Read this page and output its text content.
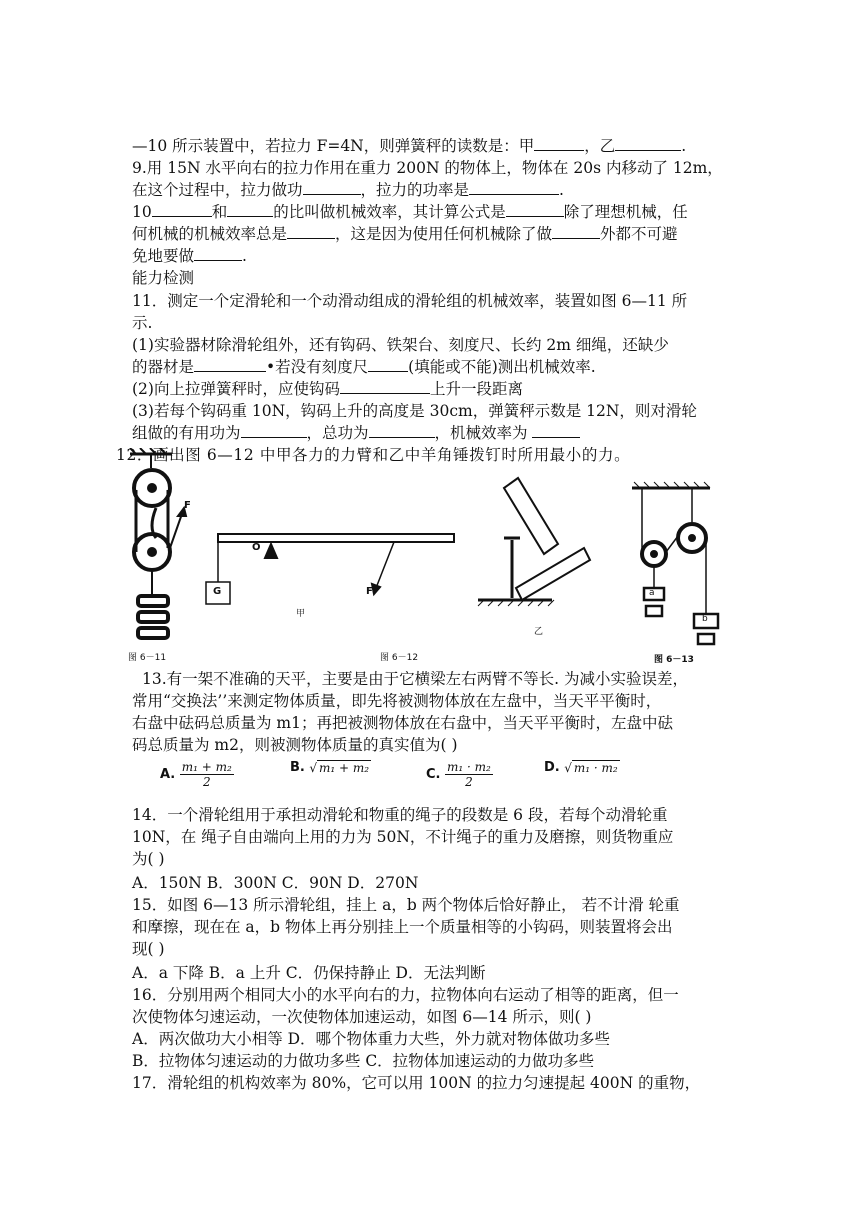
—10 所示装置中，若拉力 F=4N，则弹簧秤的读数是：甲	，乙	.
9.用 15N 水平向右的拉力作用在重力 200N 的物体上，物体在 20s 内移动了 12m，
在这个过程中，拉力做功	，拉力的功率是	.
10	和	的比叫做机械效率，其计算公式是	除了理想机械，任
何机械的机械效率总是	，这是因为使用任何机械除了做	外都不可避
免地要做	.
能力检测
11．测定一个定滑轮和一个动滑动组成的滑轮组的机械效率，装置如图 6—11 所
示.
(1)实验器材除滑轮组外，还有钩码、铁架台、刻度尺、长约 2m 细绳，还缺少
的器材是	•若没有刻度尺	(填能或不能)测出机械效率.
(2)向上拉弹簧秤时，应使钩码	上升一段距离
(3)若每个钩码重 10N，钩码上升的高度是 30cm，弹簧秤示数是 12N，则对滑轮
组做的有用功为	，总功为	，机械效率为
12．画出图 6—12 中甲各力的力臂和乙中羊角锤拨钉时所用最小的力。
F
O
G	F
甲
乙
a
b
图 6－11	图 6－12	图 6－13
13.有一架不准确的天平，主要是由于它横梁左右两臂不等长. 为减小实验误差，
常用“交换法’’来测定物体质量，即先将被测物体放在左盘中，当天平平衡时，
右盘中砝码总质量为 m1；再把被测物体放在右盘中，当天平平衡时，左盘中砝
码总质量为 m2，则被测物体质量的真实值为( )
A. $\frac{\text{m₁ + m₂}}{2}$	B. √ m₁ + m₂	C. $\frac{\text{m₁ · m₂}}{2}$	D. √ m₁ · m₂
14．一个滑轮组用于承担动滑轮和物重的绳子的段数是 6 段，若每个动滑轮重
10N，在 绳子自由端向上用的力为 50N，不计绳子的重力及磨擦，则货物重应
为( )
A．150N B．300N C．90N D．270N
15．如图 6—13 所示滑轮组，挂上 a，b 两个物体后恰好静止， 若不计滑 轮重
和摩擦，现在在 a，b 物体上再分别挂上一个质量相等的小钩码，则装置将会出
现( )
A．a 下降 B．a 上升 C．仍保持静止 D．无法判断
16．分别用两个相同大小的水平向右的力，拉物体向右运动了相等的距离，但一
次使物体匀速运动，一次使物体加速运动，如图 6—14 所示，则( )
A．两次做功大小相等 D．哪个物体重力大些，外力就对物体做功多些
B．拉物体匀速运动的力做功多些 C．拉物体加速运动的力做功多些
17．滑轮组的机构效率为 80%，它可以用 100N 的拉力匀速提起 400N 的重物，
